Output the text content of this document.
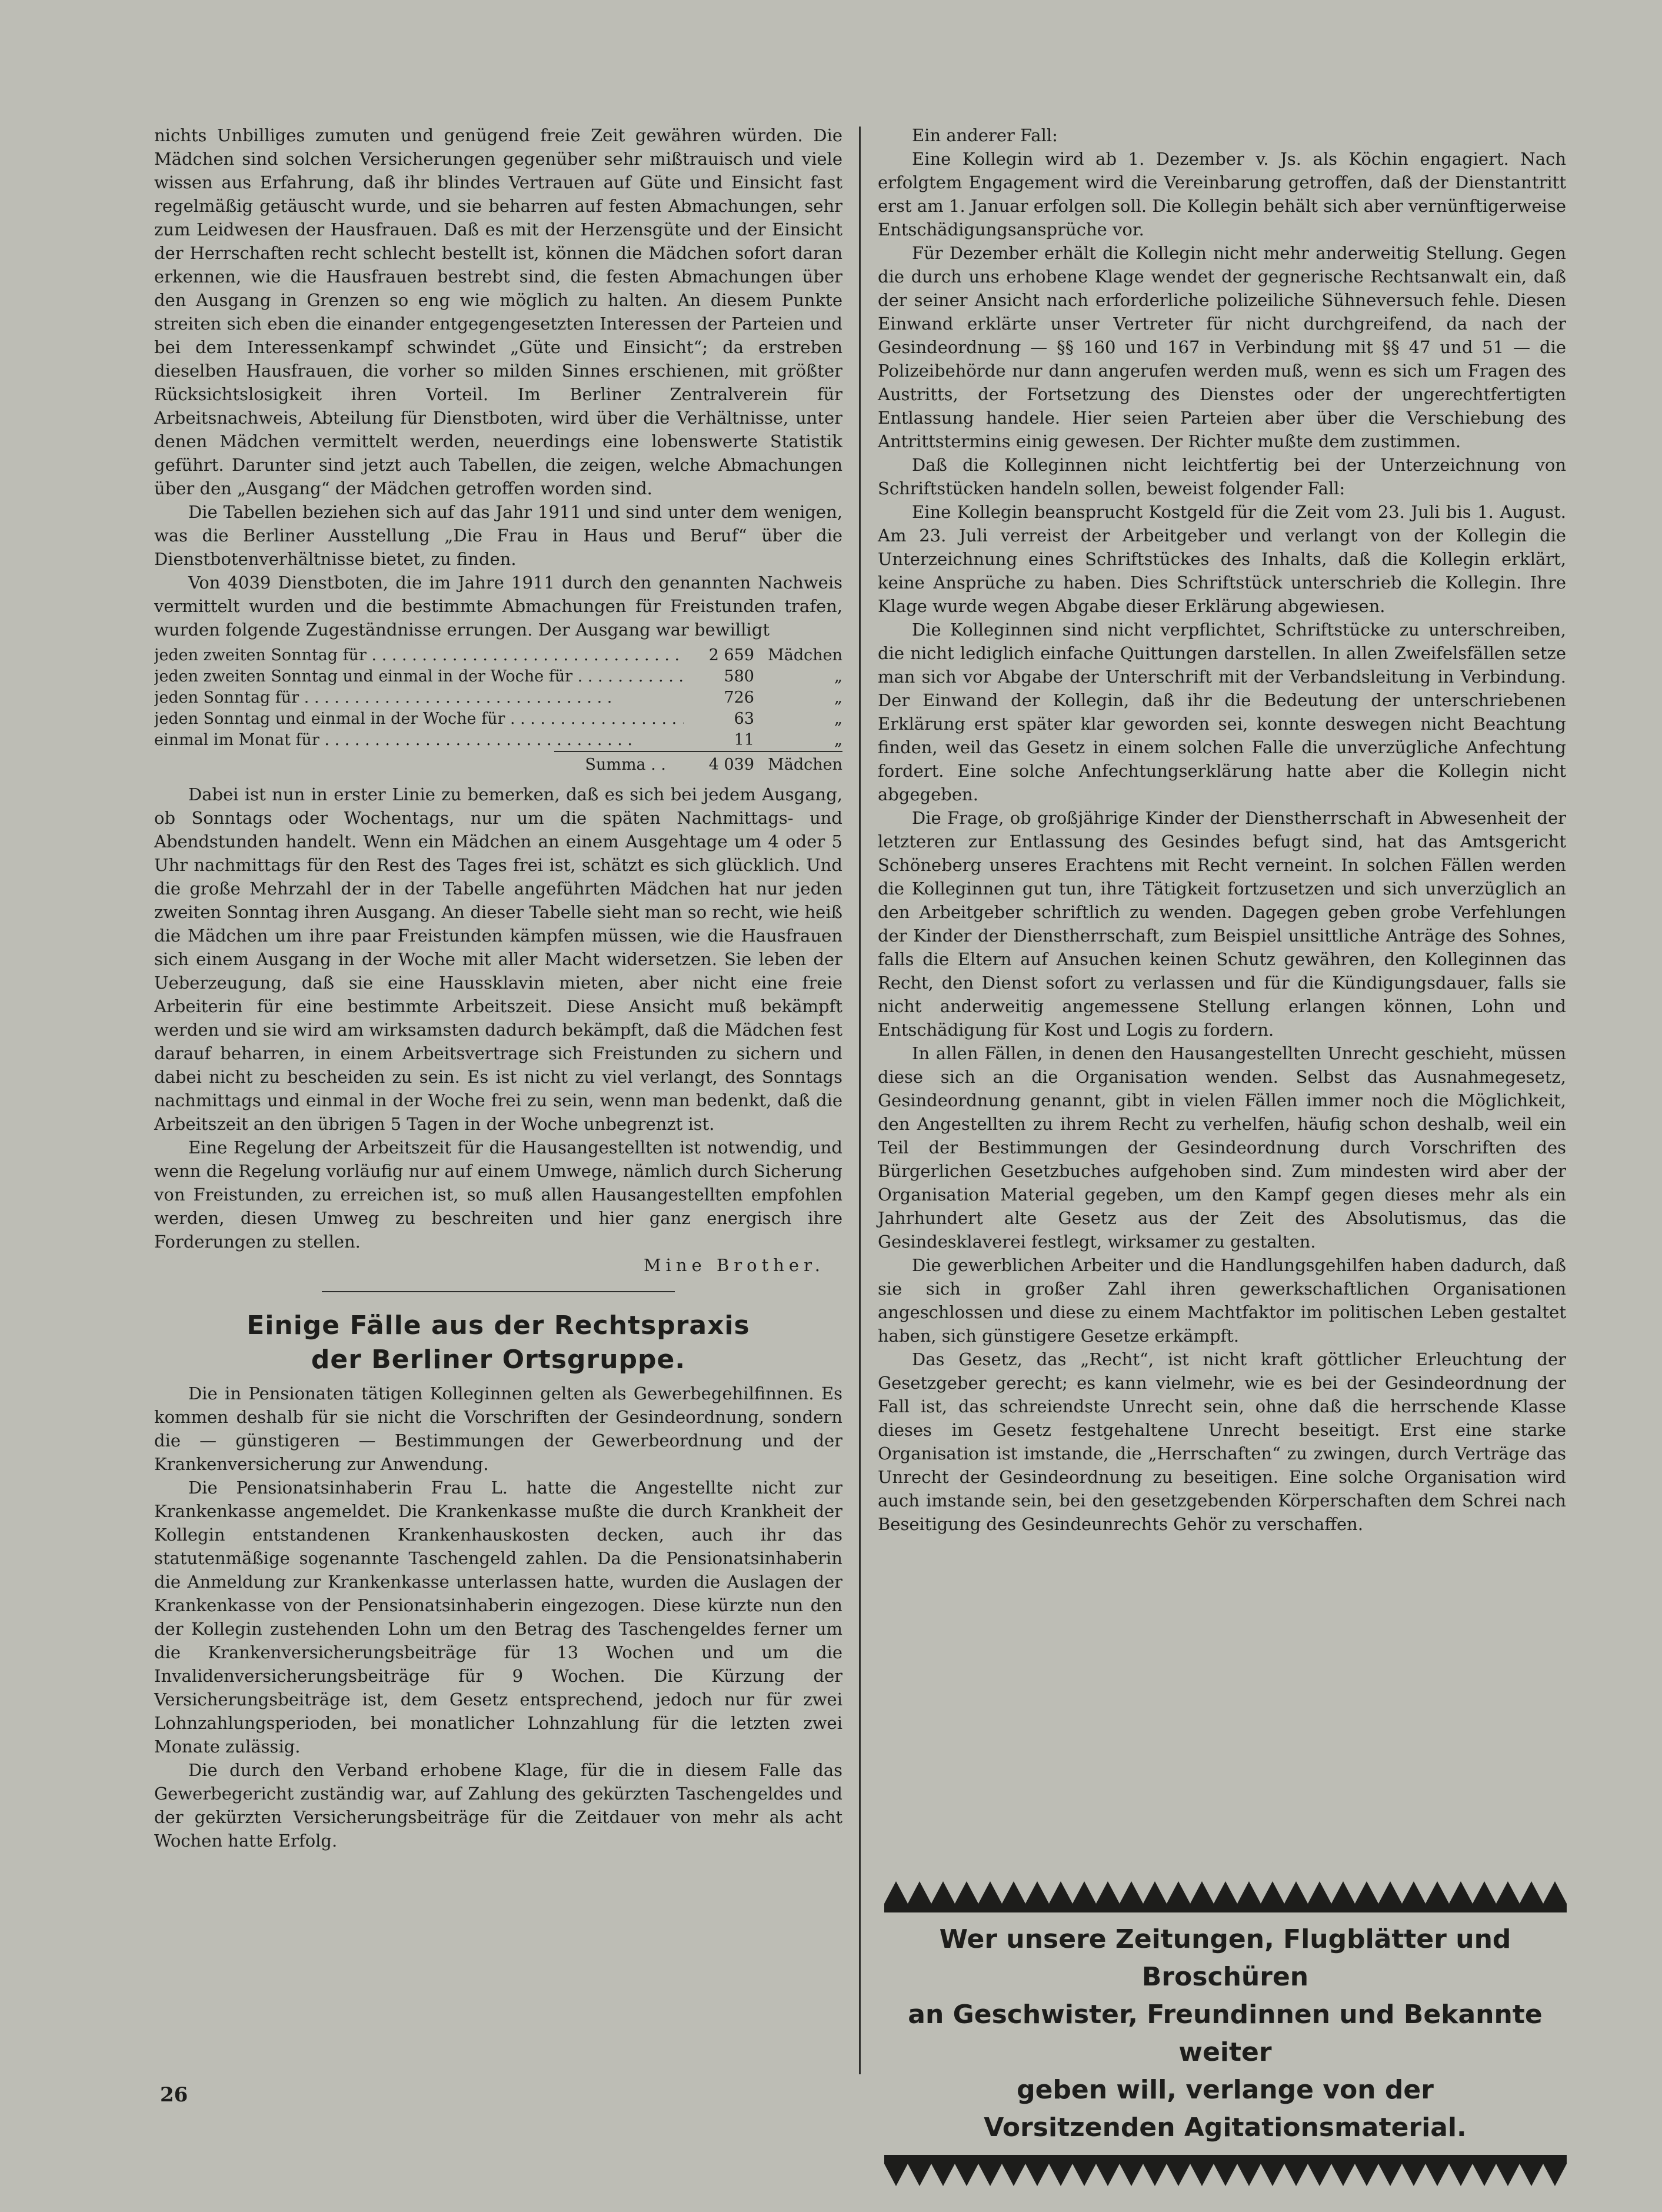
nichts Unbilliges zumuten und genügend freie Zeit gewähren würden. Die Mädchen sind solchen Versicherungen gegenüber sehr mißtrauisch und viele wissen aus Erfahrung, daß ihr blindes Vertrauen auf Güte und Einsicht fast regelmäßig getäuscht wurde, und sie beharren auf festen Abmachungen, sehr zum Leidwesen der Hausfrauen. Daß es mit der Herzensgüte und der Einsicht der Herrschaften recht schlecht bestellt ist, können die Mädchen sofort daran erkennen, wie die Hausfrauen bestrebt sind, die festen Abmachungen über den Ausgang in Grenzen so eng wie möglich zu halten. An diesem Punkte streiten sich eben die einander entgegengesetzten Interessen der Parteien und bei dem Interessenkampf schwindet „Güte und Einsicht“; da erstreben dieselben Hausfrauen, die vorher so milden Sinnes erschienen, mit größter Rücksichtslosigkeit ihren Vorteil. Im Berliner Zentralverein für Arbeitsnachweis, Abteilung für Dienstboten, wird über die Verhältnisse, unter denen Mädchen vermittelt werden, neuerdings eine lobenswerte Statistik geführt. Darunter sind jetzt auch Tabellen, die zeigen, welche Abmachungen über den „Ausgang“ der Mädchen getroffen worden sind.

Die Tabellen beziehen sich auf das Jahr 1911 und sind unter dem wenigen, was die Berliner Ausstellung „Die Frau in Haus und Beruf“ über die Dienstbotenverhältnisse bietet, zu finden.

Von 4039 Dienstboten, die im Jahre 1911 durch den genannten Nachweis vermittelt wurden und die bestimmte Abmachungen für Freistunden trafen, wurden folgende Zugeständnisse errungen. Der Ausgang war bewilligt

jeden zweiten Sonntag für . . .	2 659 Mädchen
jeden zweiten Sonntag und einmal in der Woche für . . .	580	„
jeden Sonntag für . . .	726	„
jeden Sonntag und einmal in der Woche für . . .	63	„
einmal im Monat für . . .	11	„
Summa . .	4 039 Mädchen

Dabei ist nun in erster Linie zu bemerken, daß es sich bei jedem Ausgang, ob Sonntags oder Wochentags, nur um die späten Nachmittags- und Abendstunden handelt. Wenn ein Mädchen an einem Ausgehtage um 4 oder 5 Uhr nachmittags für den Rest des Tages frei ist, schätzt es sich glücklich. Und die große Mehrzahl der in der Tabelle angeführten Mädchen hat nur jeden zweiten Sonntag ihren Ausgang. An dieser Tabelle sieht man so recht, wie heiß die Mädchen um ihre paar Freistunden kämpfen müssen, wie die Hausfrauen sich einem Ausgang in der Woche mit aller Macht widersetzen. Sie leben der Ueberzeugung, daß sie eine Haussklavin mieten, aber nicht eine freie Arbeiterin für eine bestimmte Arbeitszeit. Diese Ansicht muß bekämpft werden und sie wird am wirksamsten dadurch bekämpft, daß die Mädchen fest darauf beharren, in einem Arbeitsvertrage sich Freistunden zu sichern und dabei nicht zu bescheiden zu sein. Es ist nicht zu viel verlangt, des Sonntags nachmittags und einmal in der Woche frei zu sein, wenn man bedenkt, daß die Arbeitszeit an den übrigen 5 Tagen in der Woche unbegrenzt ist.

Eine Regelung der Arbeitszeit für die Hausangestellten ist notwendig, und wenn die Regelung vorläufig nur auf einem Umwege, nämlich durch Sicherung von Freistunden, zu erreichen ist, so muß allen Hausangestellten empfohlen werden, diesen Umweg zu beschreiten und hier ganz energisch ihre Forderungen zu stellen.

Mine Brother.
Einige Fälle aus der Rechtspraxis
der Berliner Ortsgruppe.

Die in Pensionaten tätigen Kolleginnen gelten als Gewerbegehilfinnen. Es kommen deshalb für sie nicht die Vorschriften der Gesindeordnung, sondern die — günstigeren — Bestimmungen der Gewerbeordnung und der Krankenversicherung zur Anwendung.

Die Pensionatsinhaberin Frau L. hatte die Angestellte nicht zur Krankenkasse angemeldet. Die Krankenkasse mußte die durch Krankheit der Kollegin entstandenen Krankenhauskosten decken, auch ihr das statutenmäßige sogenannte Taschengeld zahlen. Da die Pensionatsinhaberin die Anmeldung zur Krankenkasse unterlassen hatte, wurden die Auslagen der Krankenkasse von der Pensionatsinhaberin eingezogen. Diese kürzte nun den der Kollegin zustehenden Lohn um den Betrag des Taschengeldes ferner um die Krankenversicherungsbeiträge für 13 Wochen und um die Invalidenversicherungsbeiträge für 9 Wochen. Die Kürzung der Versicherungsbeiträge ist, dem Gesetz entsprechend, jedoch nur für zwei Lohnzahlungsperioden, bei monatlicher Lohnzahlung für die letzten zwei Monate zulässig.

Die durch den Verband erhobene Klage, für die in diesem Falle das Gewerbegericht zuständig war, auf Zahlung des gekürzten Taschengeldes und der gekürzten Versicherungsbeiträge für die Zeitdauer von mehr als acht Wochen hatte Erfolg.

Ein anderer Fall:

Eine Kollegin wird ab 1. Dezember v. Js. als Köchin engagiert. Nach erfolgtem Engagement wird die Vereinbarung getroffen, daß der Dienstantritt erst am 1. Januar erfolgen soll. Die Kollegin behält sich aber vernünftigerweise Entschädigungsansprüche vor.

Für Dezember erhält die Kollegin nicht mehr anderweitig Stellung. Gegen die durch uns erhobene Klage wendet der gegnerische Rechtsanwalt ein, daß der seiner Ansicht nach erforderliche polizeiliche Sühneversuch fehle. Diesen Einwand erklärte unser Vertreter für nicht durchgreifend, da nach der Gesindeordnung — §§ 160 und 167 in Verbindung mit §§ 47 und 51 — die Polizeibehörde nur dann angerufen werden muß, wenn es sich um Fragen des Austritts, der Fortsetzung des Dienstes oder der ungerechtfertigten Entlassung handele. Hier seien Parteien aber über die Verschiebung des Antrittstermins einig gewesen. Der Richter mußte dem zustimmen.

Daß die Kolleginnen nicht leichtfertig bei der Unterzeichnung von Schriftstücken handeln sollen, beweist folgender Fall:

Eine Kollegin beansprucht Kostgeld für die Zeit vom 23. Juli bis 1. August. Am 23. Juli verreist der Arbeitgeber und verlangt von der Kollegin die Unterzeichnung eines Schriftstückes des Inhalts, daß die Kollegin erklärt, keine Ansprüche zu haben. Dies Schriftstück unterschrieb die Kollegin. Ihre Klage wurde wegen Abgabe dieser Erklärung abgewiesen.

Die Kolleginnen sind nicht verpflichtet, Schriftstücke zu unterschreiben, die nicht lediglich einfache Quittungen darstellen. In allen Zweifelsfällen setze man sich vor Abgabe der Unterschrift mit der Verbandsleitung in Verbindung. Der Einwand der Kollegin, daß ihr die Bedeutung der unterschriebenen Erklärung erst später klar geworden sei, konnte deswegen nicht Beachtung finden, weil das Gesetz in einem solchen Falle die unverzügliche Anfechtung fordert. Eine solche Anfechtungserklärung hatte aber die Kollegin nicht abgegeben.

Die Frage, ob großjährige Kinder der Dienstherrschaft in Abwesenheit der letzteren zur Entlassung des Gesindes befugt sind, hat das Amtsgericht Schöneberg unseres Erachtens mit Recht verneint. In solchen Fällen werden die Kolleginnen gut tun, ihre Tätigkeit fortzusetzen und sich unverzüglich an den Arbeitgeber schriftlich zu wenden. Dagegen geben grobe Verfehlungen der Kinder der Dienstherrschaft, zum Beispiel unsittliche Anträge des Sohnes, falls die Eltern auf Ansuchen keinen Schutz gewähren, den Kolleginnen das Recht, den Dienst sofort zu verlassen und für die Kündigungsdauer, falls sie nicht anderweitig angemessene Stellung erlangen können, Lohn und Entschädigung für Kost und Logis zu fordern.

In allen Fällen, in denen den Hausangestellten Unrecht geschieht, müssen diese sich an die Organisation wenden. Selbst das Ausnahmegesetz, Gesindeordnung genannt, gibt in vielen Fällen immer noch die Möglichkeit, den Angestellten zu ihrem Recht zu verhelfen, häufig schon deshalb, weil ein Teil der Bestimmungen der Gesindeordnung durch Vorschriften des Bürgerlichen Gesetzbuches aufgehoben sind. Zum mindesten wird aber der Organisation Material gegeben, um den Kampf gegen dieses mehr als ein Jahrhundert alte Gesetz aus der Zeit des Absolutismus, das die Gesindesklaverei festlegt, wirksamer zu gestalten.

Die gewerblichen Arbeiter und die Handlungsgehilfen haben dadurch, daß sie sich in großer Zahl ihren gewerkschaftlichen Organisationen angeschlossen und diese zu einem Machtfaktor im politischen Leben gestaltet haben, sich günstigere Gesetze erkämpft.

Das Gesetz, das „Recht“, ist nicht kraft göttlicher Erleuchtung der Gesetzgeber gerecht; es kann vielmehr, wie es bei der Gesindeordnung der Fall ist, das schreiendste Unrecht sein, ohne daß die herrschende Klasse dieses im Gesetz festgehaltene Unrecht beseitigt. Erst eine starke Organisation ist imstande, die „Herrschaften“ zu zwingen, durch Verträge das Unrecht der Gesindeordnung zu beseitigen. Eine solche Organisation wird auch imstande sein, bei den gesetzgebenden Körperschaften dem Schrei nach Beseitigung des Gesindeunrechts Gehör zu verschaffen.

Wer unsere Zeitungen, Flugblätter und Broschüren
an Geschwister, Freundinnen und Bekannte weiter
geben will, verlange von der
Vorsitzenden Agitationsmaterial.
26
